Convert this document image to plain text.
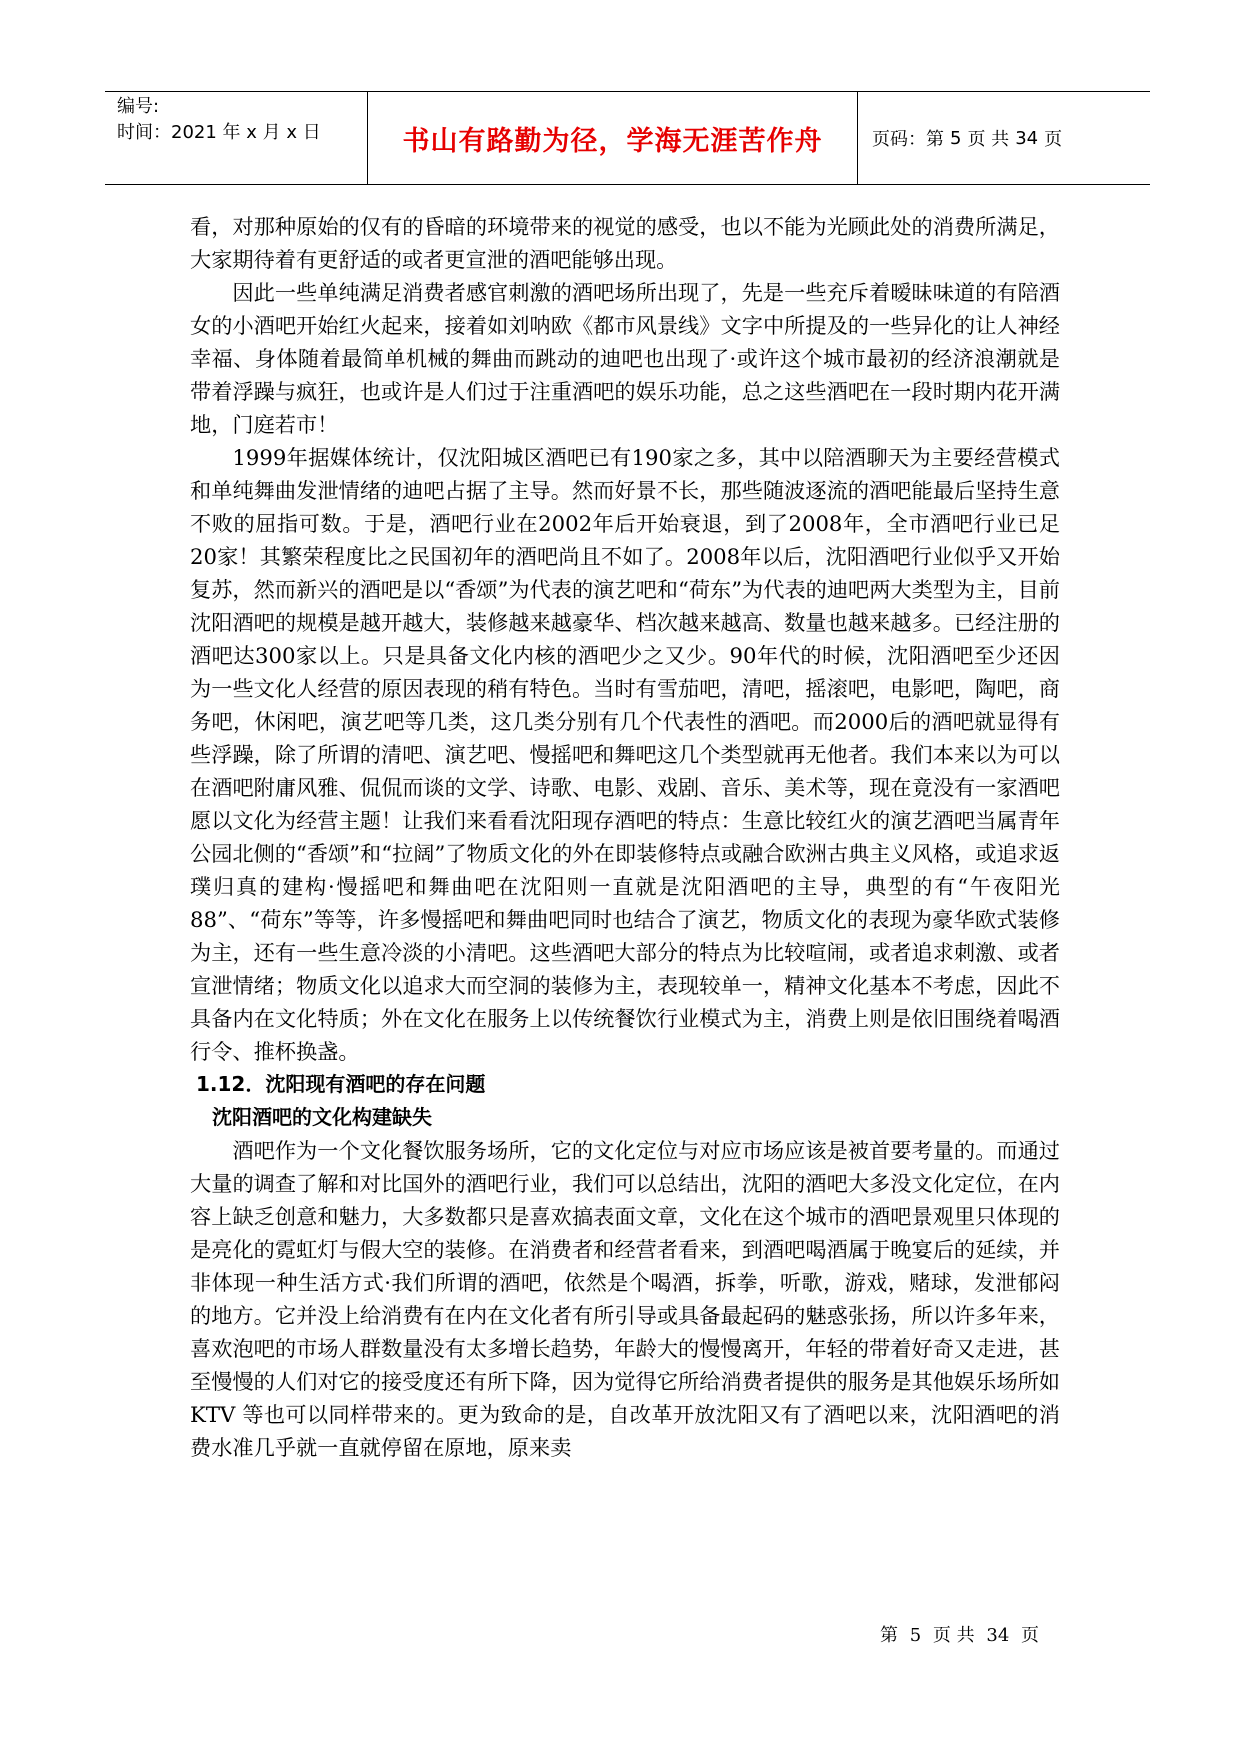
编号:
时间：2021 年 x 月 x 日	书山有路勤为径，学海无涯苦作舟	页码：第 5 页 共 34 页

看，对那种原始的仅有的昏暗的环境带来的视觉的感受，也以不能为光顾此处的消费所满足，大家期待着有更舒适的或者更宣泄的酒吧能够出现。

因此一些单纯满足消费者感官刺激的酒吧场所出现了，先是一些充斥着暧昧味道的有陪酒女的小酒吧开始红火起来，接着如刘呐欧《都市风景线》文字中所提及的一些异化的让人神经幸福、身体随着最简单机械的舞曲而跳动的迪吧也出现了·或许这个城市最初的经济浪潮就是带着浮躁与疯狂，也或许是人们过于注重酒吧的娱乐功能，总之这些酒吧在一段时期内花开满地，门庭若市！

1999年据媒体统计，仅沈阳城区酒吧已有190家之多，其中以陪酒聊天为主要经营模式和单纯舞曲发泄情绪的迪吧占据了主导。然而好景不长，那些随波逐流的酒吧能最后坚持生意不败的屈指可数。于是，酒吧行业在2002年后开始衰退，到了2008年，全市酒吧行业已足20家！其繁荣程度比之民国初年的酒吧尚且不如了。2008年以后，沈阳酒吧行业似乎又开始复苏，然而新兴的酒吧是以“香颂”为代表的演艺吧和“荷东”为代表的迪吧两大类型为主，目前沈阳酒吧的规模是越开越大，装修越来越豪华、档次越来越高、数量也越来越多。已经注册的酒吧达300家以上。只是具备文化内核的酒吧少之又少。90年代的时候，沈阳酒吧至少还因为一些文化人经营的原因表现的稍有特色。当时有雪茄吧，清吧，摇滚吧，电影吧，陶吧，商务吧，休闲吧，演艺吧等几类，这几类分别有几个代表性的酒吧。而2000后的酒吧就显得有些浮躁，除了所谓的清吧、演艺吧、慢摇吧和舞吧这几个类型就再无他者。我们本来以为可以在酒吧附庸风雅、侃侃而谈的文学、诗歌、电影、戏剧、音乐、美术等，现在竟没有一家酒吧愿以文化为经营主题！让我们来看看沈阳现存酒吧的特点：生意比较红火的演艺酒吧当属青年公园北侧的“香颂”和“拉阔”了物质文化的外在即装修特点或融合欧洲古典主义风格，或追求返璞归真的建构·慢摇吧和舞曲吧在沈阳则一直就是沈阳酒吧的主导，典型的有“午夜阳光88”、“荷东”等等，许多慢摇吧和舞曲吧同时也结合了演艺，物质文化的表现为豪华欧式装修为主，还有一些生意冷淡的小清吧。这些酒吧大部分的特点为比较喧闹，或者追求刺激、或者宣泄情绪；物质文化以追求大而空洞的装修为主，表现较单一，精神文化基本不考虑，因此不具备内在文化特质；外在文化在服务上以传统餐饮行业模式为主，消费上则是依旧围绕着喝酒行令、推杯换盏。

1.12．沈阳现有酒吧的存在问题
沈阳酒吧的文化构建缺失

酒吧作为一个文化餐饮服务场所，它的文化定位与对应市场应该是被首要考量的。而通过大量的调查了解和对比国外的酒吧行业，我们可以总结出，沈阳的酒吧大多没文化定位，在内容上缺乏创意和魅力，大多数都只是喜欢搞表面文章，文化在这个城市的酒吧景观里只体现的是亮化的霓虹灯与假大空的装修。在消费者和经营者看来，到酒吧喝酒属于晚宴后的延续，并非体现一种生活方式·我们所谓的酒吧，依然是个喝酒，拆拳，听歌，游戏，赌球，发泄郁闷的地方。它并没上给消费有在内在文化者有所引导或具备最起码的魅惑张扬，所以许多年来，喜欢泡吧的市场人群数量没有太多增长趋势，年龄大的慢慢离开，年轻的带着好奇又走进，甚至慢慢的人们对它的接受度还有所下降，因为觉得它所给消费者提供的服务是其他娱乐场所如 KTV 等也可以同样带来的。更为致命的是，自改革开放沈阳又有了酒吧以来，沈阳酒吧的消费水准几乎就一直就停留在原地，原来卖

第 5 页 共 34 页
